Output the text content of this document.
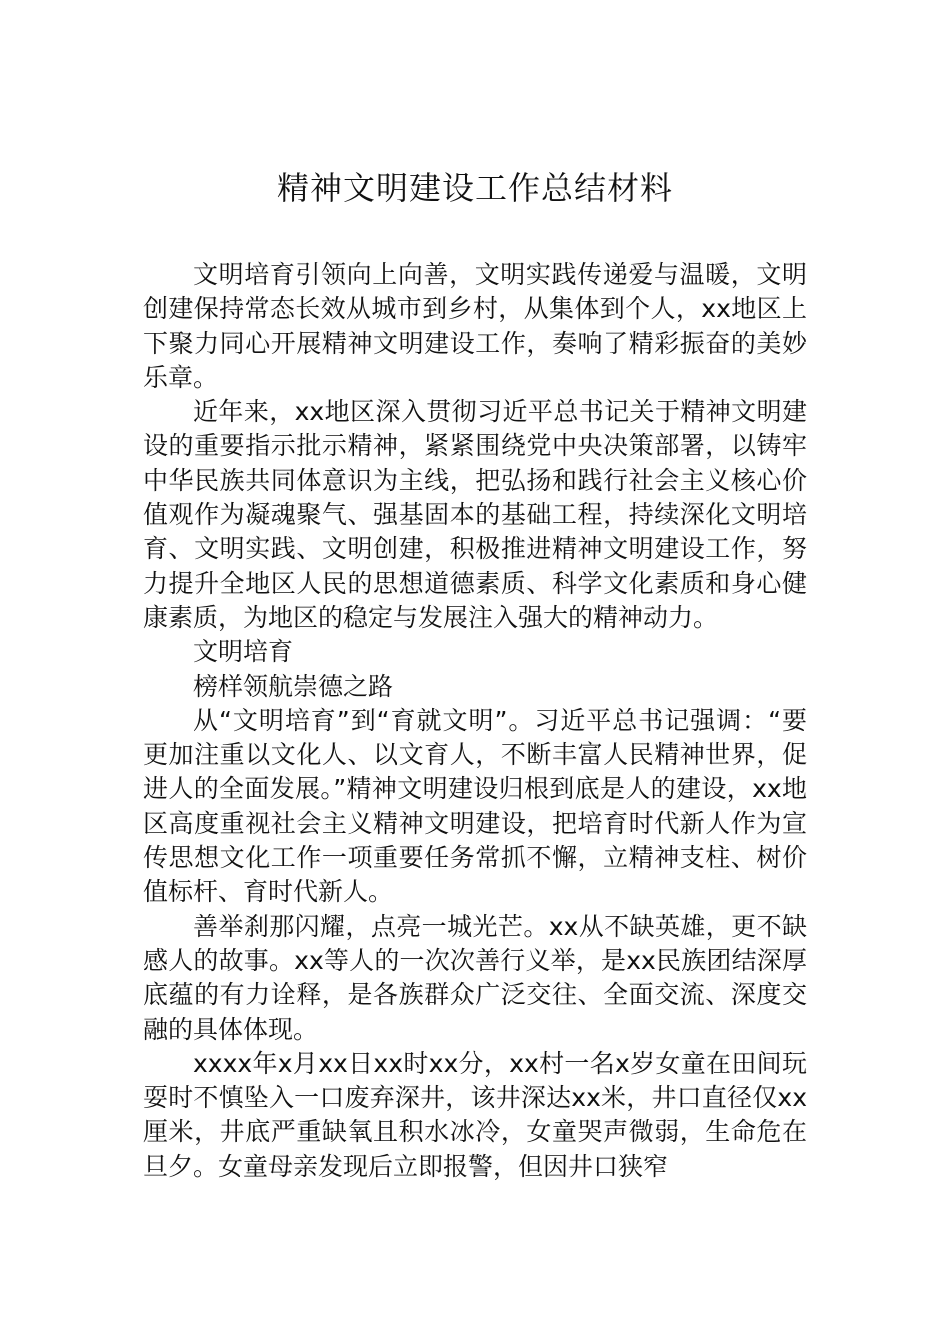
精神文明建设工作总结材料

文明培育引领向上向善，文明实践传递爱与温暖，文明创建保持常态长效从城市到乡村，从集体到个人，xx地区上下聚力同心开展精神文明建设工作，奏响了精彩振奋的美妙乐章。

近年来，xx地区深入贯彻习近平总书记关于精神文明建设的重要指示批示精神，紧紧围绕党中央决策部署，以铸牢中华民族共同体意识为主线，把弘扬和践行社会主义核心价值观作为凝魂聚气、强基固本的基础工程，持续深化文明培育、文明实践、文明创建，积极推进精神文明建设工作，努力提升全地区人民的思想道德素质、科学文化素质和身心健康素质，为地区的稳定与发展注入强大的精神动力。

文明培育

榜样领航崇德之路

从“文明培育”到“育就文明”。习近平总书记强调：“要更加注重以文化人、以文育人，不断丰富人民精神世界，促进人的全面发展。”精神文明建设归根到底是人的建设，xx地区高度重视社会主义精神文明建设，把培育时代新人作为宣传思想文化工作一项重要任务常抓不懈，立精神支柱、树价值标杆、育时代新人。

善举刹那闪耀，点亮一城光芒。xx从不缺英雄，更不缺感人的故事。xx等人的一次次善行义举，是xx民族团结深厚底蕴的有力诠释，是各族群众广泛交往、全面交流、深度交融的具体体现。

xxxx年x月xx日xx时xx分，xx村一名x岁女童在田间玩耍时不慎坠入一口废弃深井，该井深达xx米，井口直径仅xx厘米，井底严重缺氧且积水冰冷，女童哭声微弱，生命危在旦夕。女童母亲发现后立即报警，但因井口狭窄
